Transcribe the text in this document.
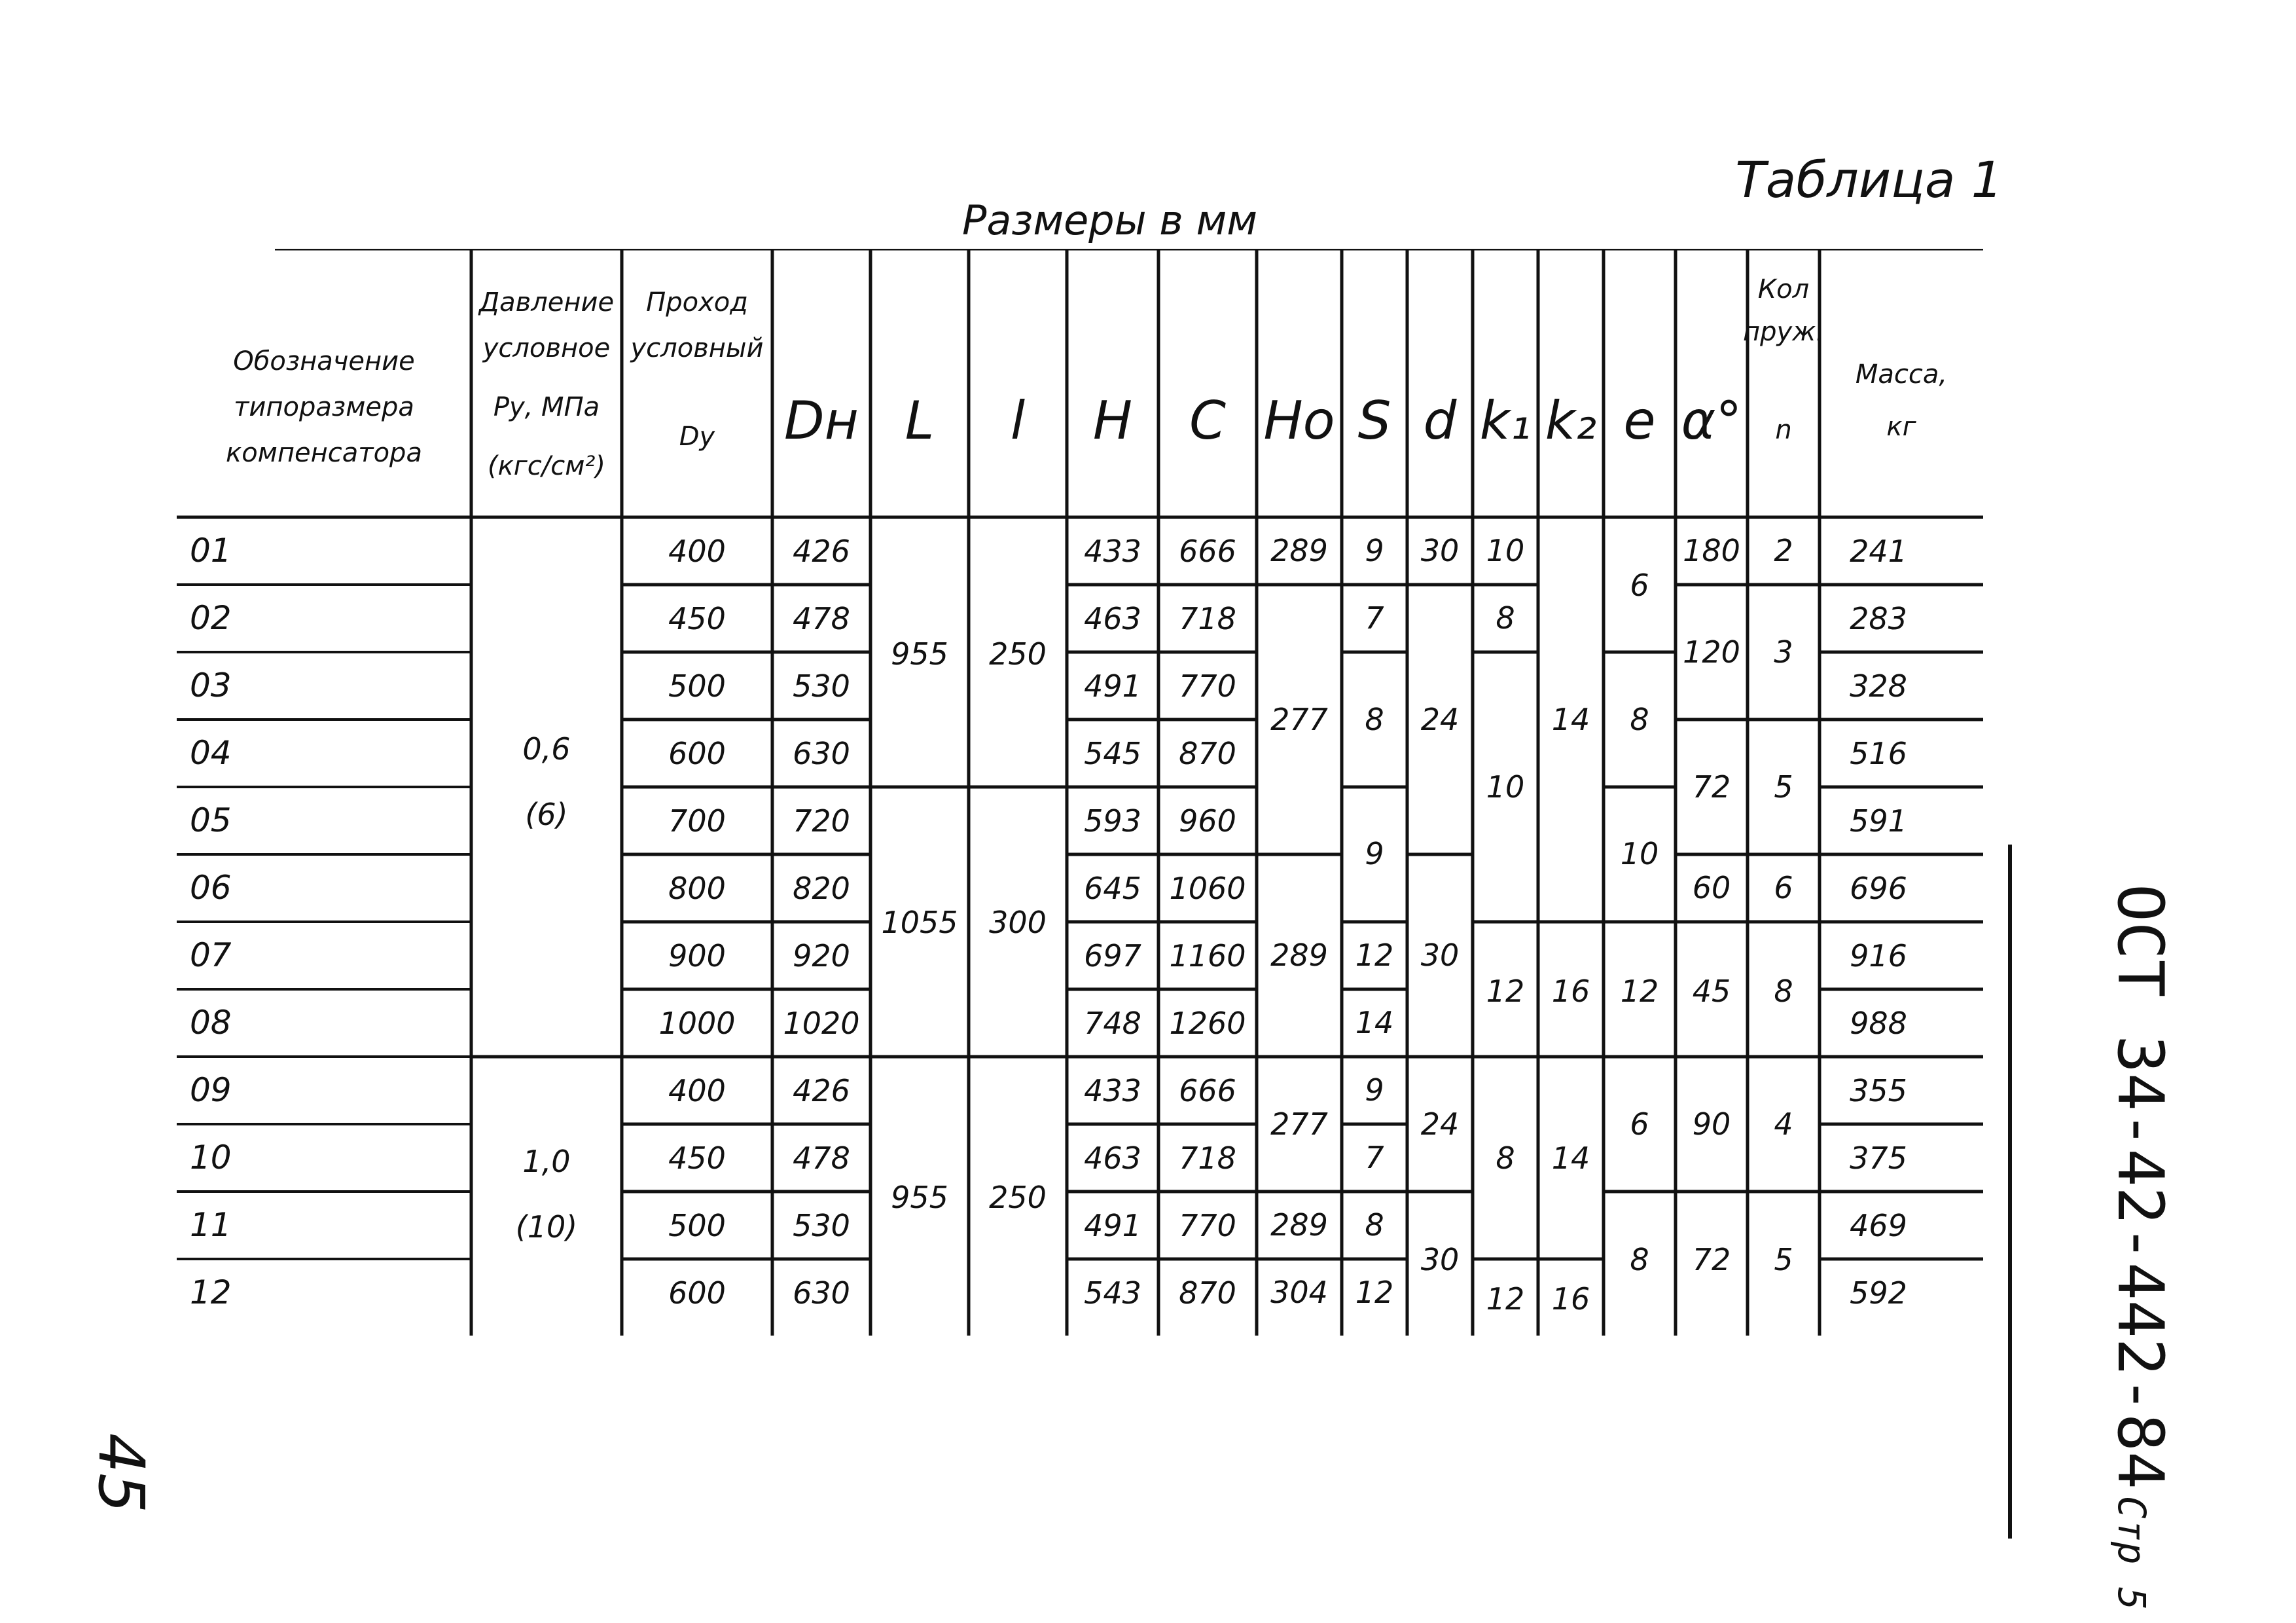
Таблица 1
Размеры в мм
Обозначение
типоразмера
компенсатора
Давление
условное
Pу, МПа
(кгс/см²)
Проход
условный
Dу Dн L l H C Hо S d k₁ k₂ e α°
Кол
пруж.
n
Масса,
кг
01
02
03
04
05
06
07
08
09
10
11
12
400
450
500
600
700
800
900
1000
400
450
500
600
426
478
530
630
720
820
920
1020
426
478
530
630
433
463
491
545
593
645
697
748
433
463
491
543
666
718
770
870
960
1060
1160
1260
666
718
770
870
241
283
328
516
591
696
916
988
355
375
469
592
0,6
(6)
1,0
(10)
955
1055
955
250
300
250
289
277
289
277
289
304
9
7
8
9
12
14
9
7
8
12
30
24
30
24
30
10
8
10
12
8
12
14
16
14
16
6
8
10
12
6
8
180
120
72
60
45
90
72
2
3
5
6
8
4
5	ОСТ 34-42-442-84Стр 5
45
